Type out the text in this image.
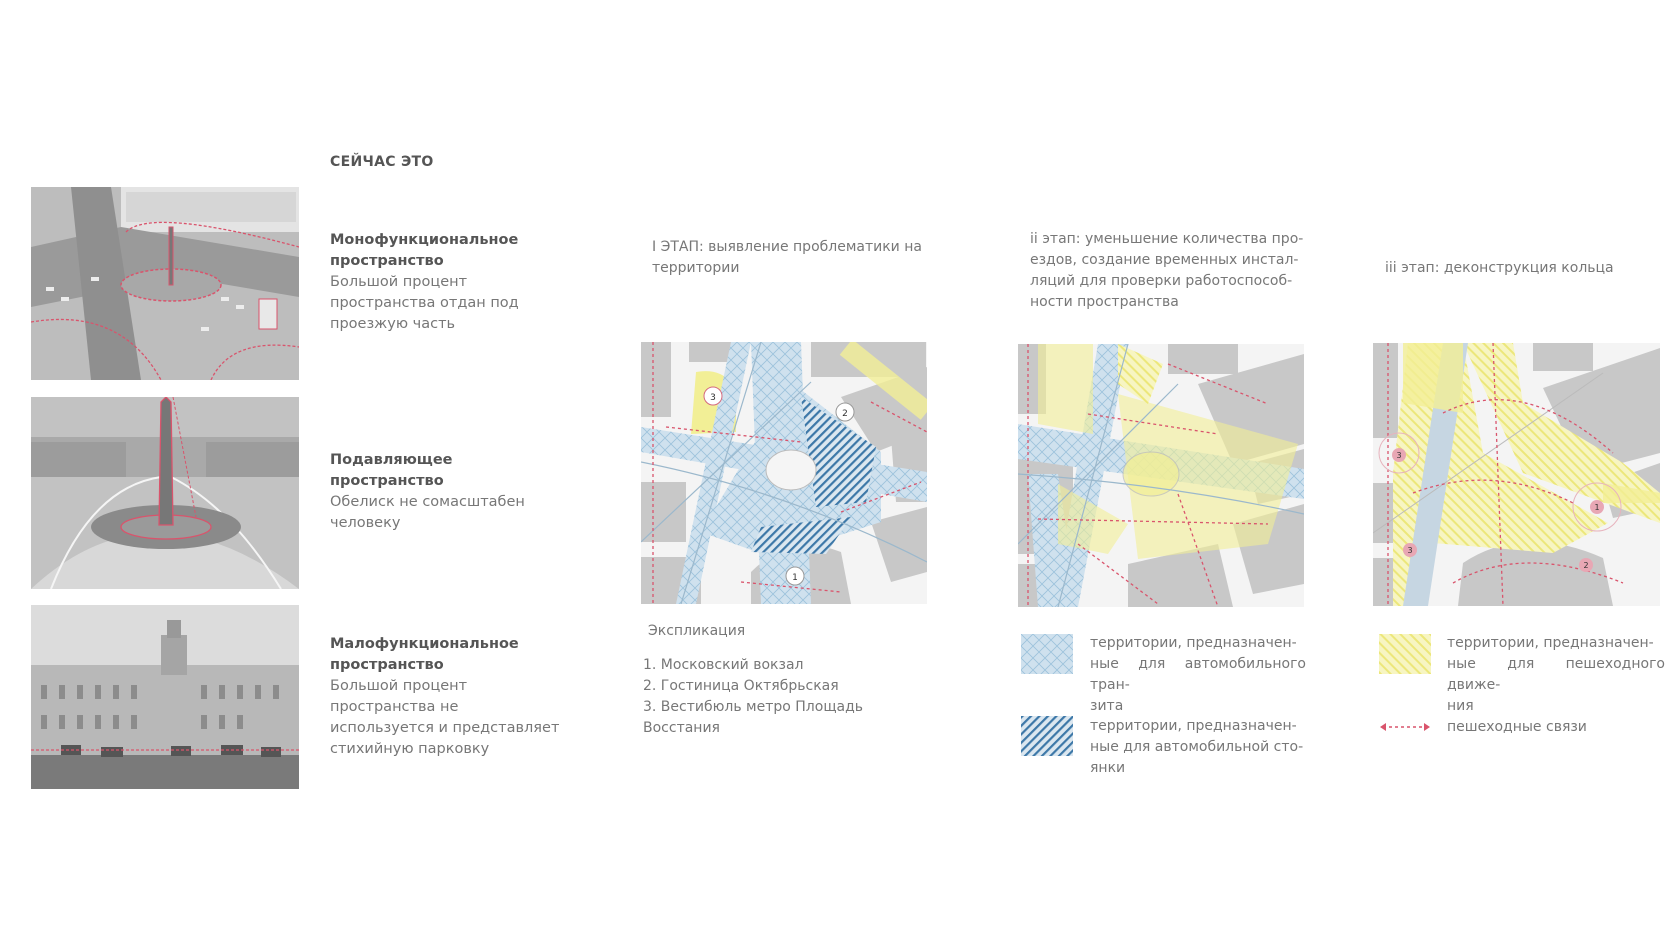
СЕЙЧАС ЭТО
Монофункциональное
пространство
Большой процент
пространства отдан под
проезжую часть
Подавляющее
пространство
Обелиск не сомасштабен
человеку
Малофункциональное
пространство
Большой процент
пространства не
используется и представляет
стихийную парковку
I ЭТАП: выявление проблематики на
территории
ii этап: уменьшение количества про-
ездов, создание временных инстал-
ляций для проверки работоспособ-
ности пространства
iii этап: деконструкция кольца
3
2
1
1
2
3
3
Экспликация
1. Московский вокзал
2. Гостиница Октябрьская
3. Вестибюль метро Площадь
Восстания
территории, предназначен-
ные для автомобильного тран-
зита
территории, предназначен-
ные для автомобильной сто-
янки
территории, предназначен-
ные для пешеходного движе-
ния
пешеходные связи
